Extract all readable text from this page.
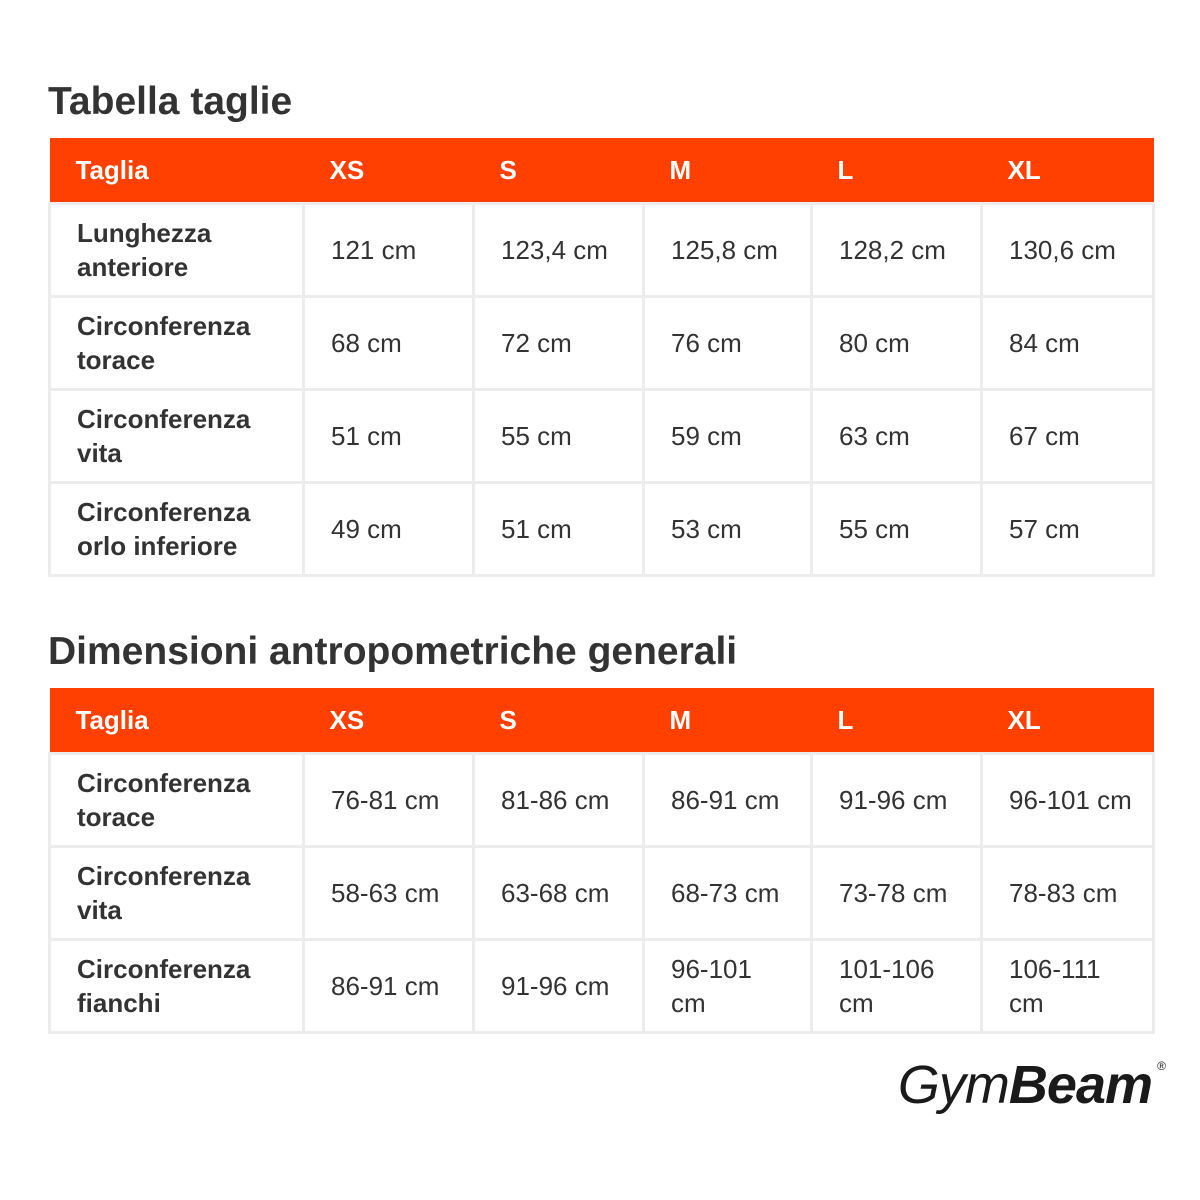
Tabella taglie
Taglia	XS	S	M	L	XL
Lunghezza anteriore	121 cm	123,4 cm	125,8 cm	128,2 cm	130,6 cm
Circonferenza torace	68 cm	72 cm	76 cm	80 cm	84 cm
Circonferenza vita	51 cm	55 cm	59 cm	63 cm	67 cm
Circonferenza orlo inferiore	49 cm	51 cm	53 cm	55 cm	57 cm
Dimensioni antropometriche generali
Taglia	XS	S	M	L	XL
Circonferenza torace	76-81 cm	81-86 cm	86-91 cm	91-96 cm	96-101 cm
Circonferenza vita	58-63 cm	63-68 cm	68-73 cm	73-78 cm	78-83 cm
Circonferenza fianchi	86-91 cm	91-96 cm	96-101 cm	101-106 cm	106-111 cm
GymBeam ®
